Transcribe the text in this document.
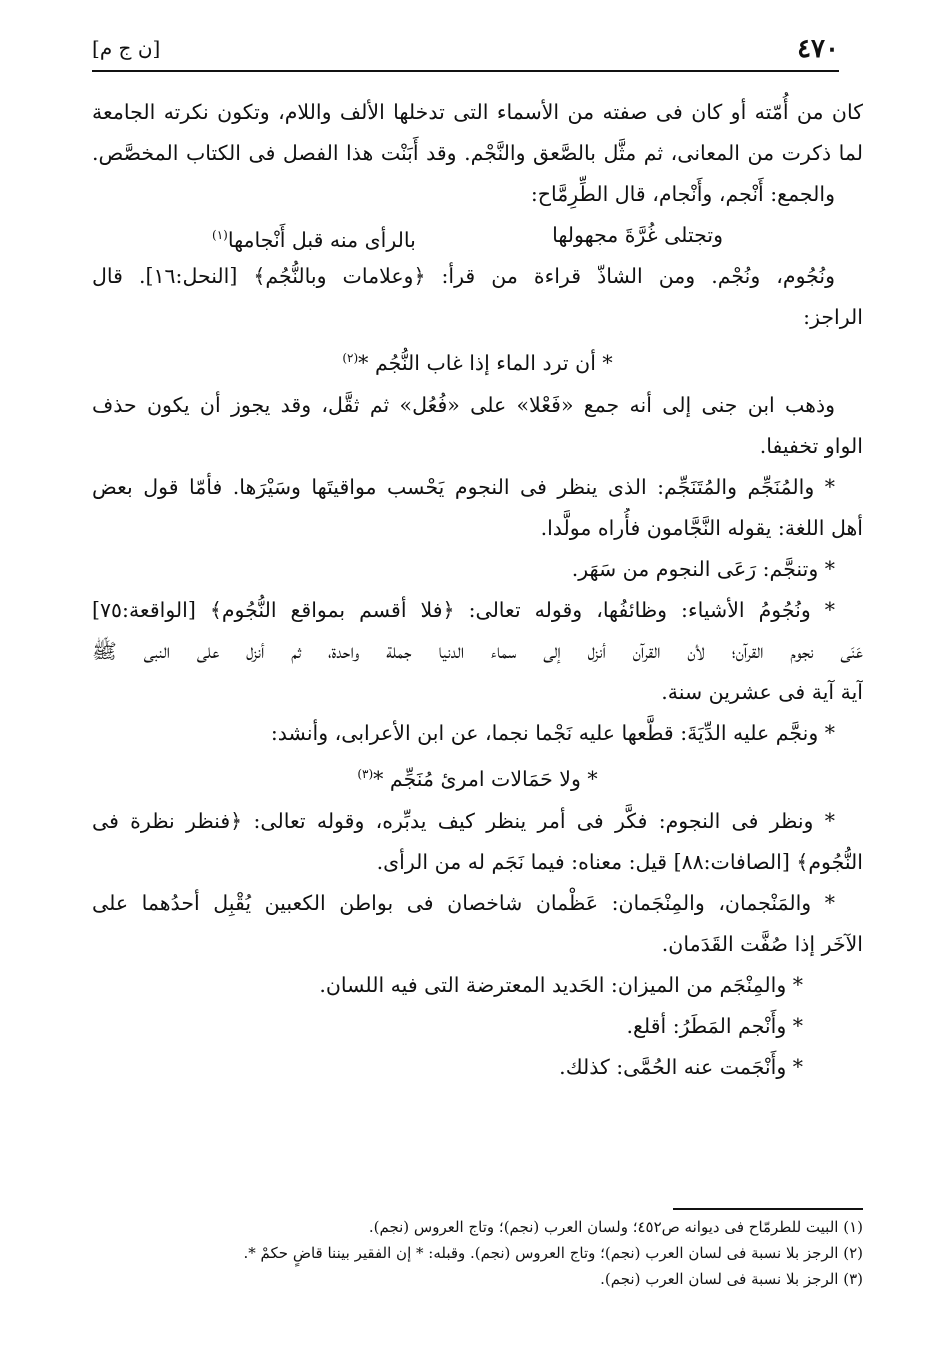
٤٧٠
[ن ج م]
كان من أُمّته أو كان فى صفته من الأسماء التى تدخلها الألف واللام، وتكون نكرته الجامعة
لما ذكرت من المعانى، ثم مثَّل بالصَّعق والنَّجْم. وقد أَبَنْت هذا الفصل فى الكتاب المخصَّص.
والجمع: أَنْجم، وأَنْجام، قال الطِّرِمَّاح:
وتجتلى غُرَّةَ مجهولها
بالرأى منه قبل أَنْجامها$^{(١)}$
ونُجُوم، ونُجْم. ومن الشاذّ قراءة من قرأ: ﴿وعلامات وبالنُّجُم﴾ [النحل:١٦]. قال
الراجز:
* أن ترد الماء إذا غاب النُّجُم *$^{(٢)}$
وذهب ابن جنى إلى أنه جمع «فَعْلا» على «فُعُل» ثم ثقَّل، وقد يجوز أن يكون حذف
الواو تخفيفا.
* والمُنَجِّم والمُتَنَجِّم: الذى ينظر فى النجوم يَحْسب مواقيتَها وسَيْرَها. فأمّا قول بعض
أهل اللغة: يقوله النَّجَّامون فأُراه مولَّدا.
* وتنجَّم: رَعَى النجوم من سَهَر.
* ونُجُومُ الأشياء: وظائفُها، وقوله تعالى: ﴿فلا أقسم بمواقع النُّجُوم﴾ [الواقعة:٧٥]
عَنَى نجوم القرآن؛ لأن القرآن أنزل إلى سماء الدنيا جملة واحدة، ثم أنزل على النبى ﷺ
آية آية فى عشرين سنة.
* ونجَّم عليه الدِّيَةَ: قطَّعها عليه نَجْما نجما، عن ابن الأعرابى، وأنشد:
* ولا حَمَالات امرئ مُنَجِّم *$^{(٣)}$
* ونظر فى النجوم: فكَّر فى أمر ينظر كيف يدبِّره، وقوله تعالى: ﴿فنظر نظرة فى
النُّجُوم﴾ [الصافات:٨٨] قيل: معناه: فيما نَجَم له من الرأى.
* والمَنْجمان، والمِنْجَمان: عَظْمان شاخصان فى بواطن الكعبين يُقْبِل أحدُهما على
الآخَر إذا صُفَّت القَدَمان.
* والمِنْجَم من الميزان: الحَديد المعترضة التى فيه اللسان.
* وأَنْجم المَطَرُ: أقلع.
* وأَنْجَمت عنه الحُمَّى: كذلك.
(١) البيت للطرمّاح فى ديوانه ص٤٥٢؛ ولسان العرب (نجم)؛ وتاج العروس (نجم).
(٢) الرجز بلا نسبة فى لسان العرب (نجم)؛ وتاج العروس (نجم). وقبله: * إن الفقير بيننا قاضٍ حكمْ *.
(٣) الرجز بلا نسبة فى لسان العرب (نجم).
